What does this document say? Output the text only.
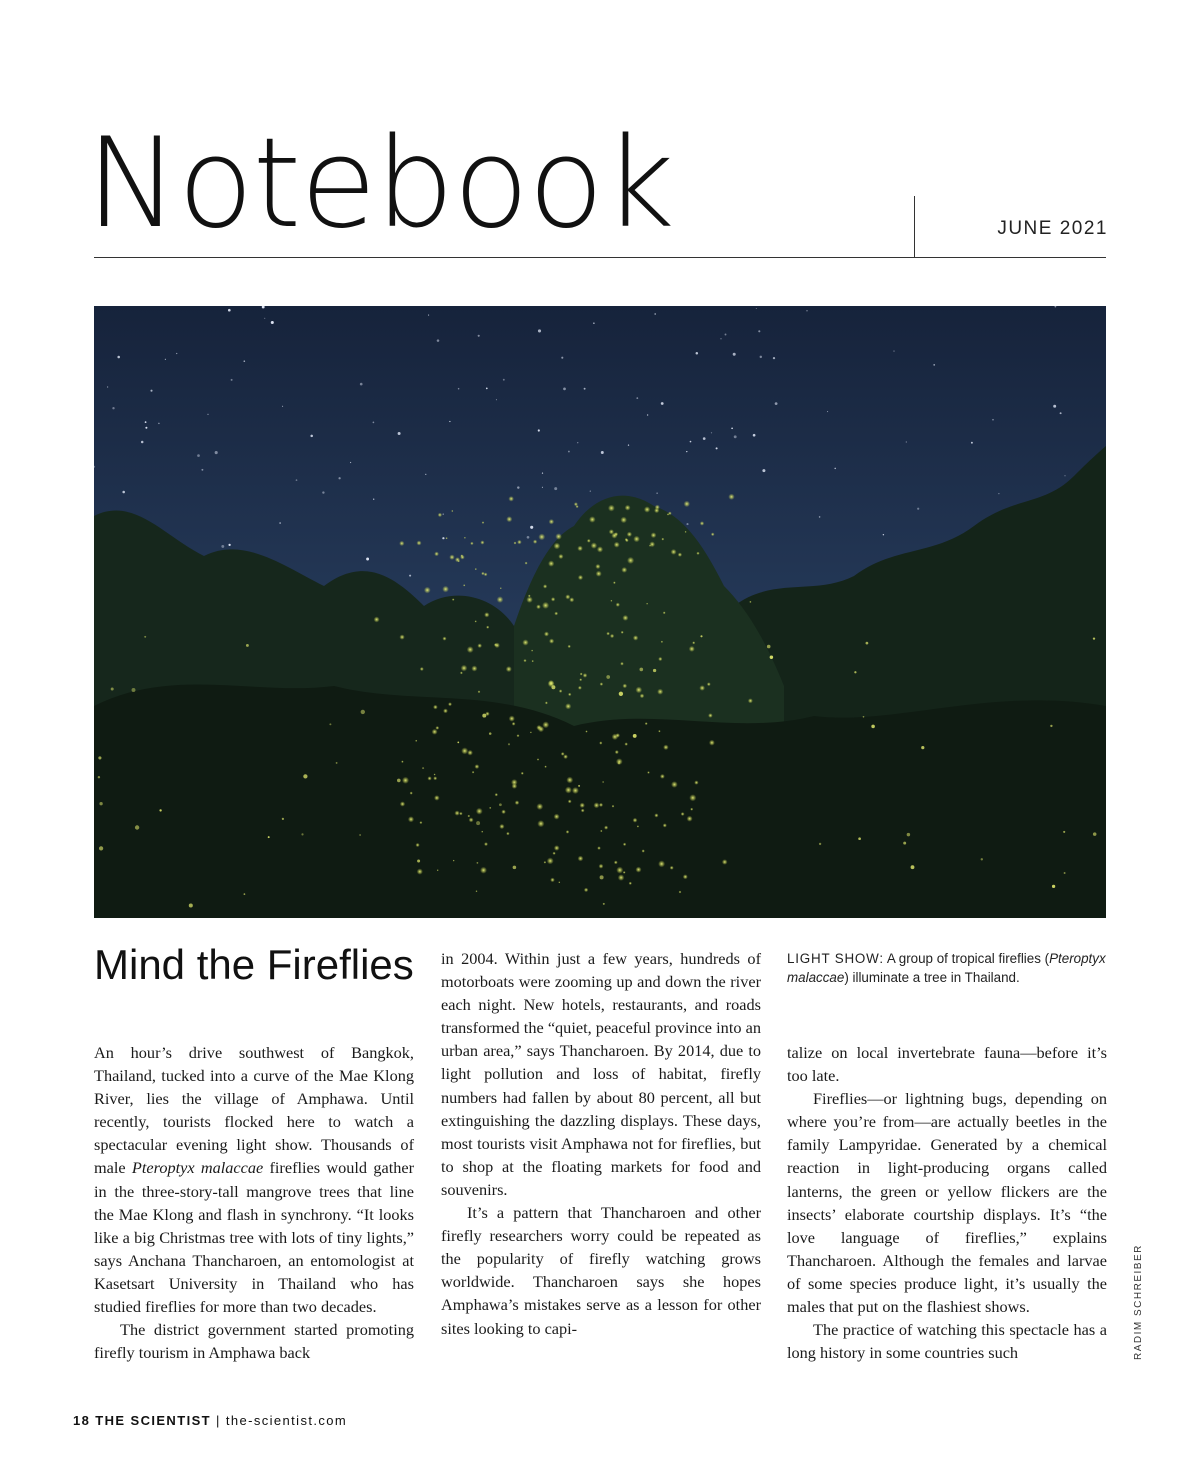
Notebook	JUNE 2021
Mind the Fireflies

An hour’s drive southwest of Bangkok, Thailand, tucked into a curve of the Mae Klong River, lies the village of Amphawa. Until recently, tourists flocked here to watch a spectacular evening light show. Thousands of male Pteroptyx malaccae fireflies would gather in the three-story-tall mangrove trees that line the Mae Klong and flash in synchrony. “It looks like a big Christmas tree with lots of tiny lights,” says Anchana Thancharoen, an entomologist at Kasetsart University in Thailand who has studied fireflies for more than two decades.

The district government started promoting firefly tourism in Amphawa back

in 2004. Within just a few years, hundreds of motorboats were zooming up and down the river each night. New hotels, restaurants, and roads transformed the “quiet, peaceful province into an urban area,” says Thancharoen. By 2014, due to light pollution and loss of habitat, firefly numbers had fallen by about 80 percent, all but extinguishing the dazzling displays. These days, most tourists visit Amphawa not for fireflies, but to shop at the floating markets for food and souvenirs.

It’s a pattern that Thancharoen and other firefly researchers worry could be repeated as the popularity of firefly watching grows worldwide. Thancharoen says she hopes Amphawa’s mistakes serve as a lesson for other sites looking to capi-

LIGHT SHOW: A group of tropical fireflies (Pteroptyx malaccae) illuminate a tree in Thailand.

talize on local invertebrate fauna—before it’s too late.

Fireflies—or lightning bugs, depending on where you’re from—are actually beetles in the family Lampyridae. Generated by a chemical reaction in light-producing organs called lanterns, the green or yellow flickers are the insects’ elaborate courtship displays. It’s “the love language of fireflies,” explains Thancharoen. Although the females and larvae of some species produce light, it’s usually the males that put on the flashiest shows.

The practice of watching this spectacle has a long history in some countries such	RADIM SCHREIBER
18 THE SCIENTIST | the-scientist.com
